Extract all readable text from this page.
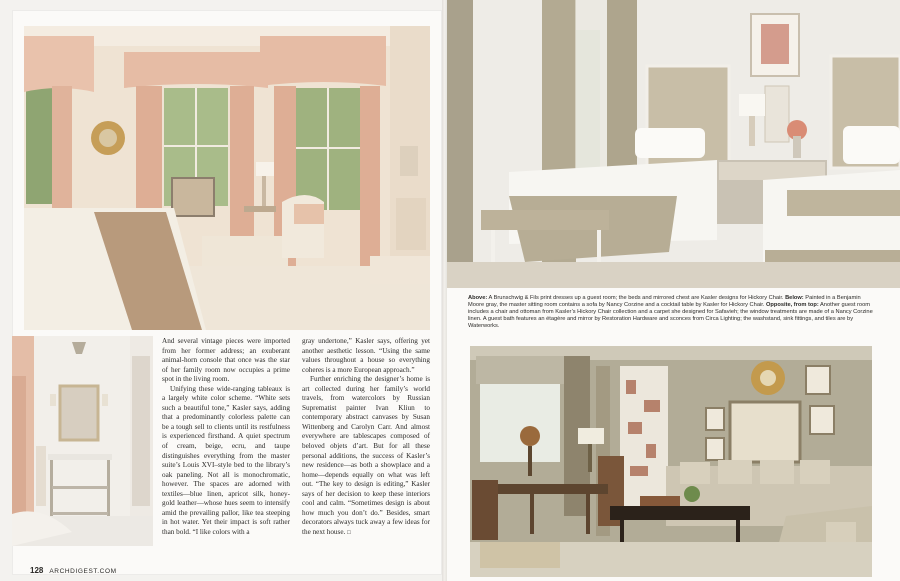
And several vintage pieces were imported from her former address; an exuberant animal-horn console that once was the star of her family room now occupies a prime spot in the living room.

Unifying these wide-ranging tableaux is a largely white color scheme. “White sets such a beautiful tone,” Kasler says, adding that a predominantly colorless palette can be a tough sell to clients until its restfulness is experienced firsthand. A quiet spectrum of cream, beige, ecru, and taupe distinguishes everything from the master suite’s Louis XVI–style bed to the library’s oak paneling. Not all is monochromatic, however. The spaces are adorned with textiles—blue linen, apricot silk, honey-gold leather—whose hues seem to intensify amid the prevailing pallor, like tea steeping in hot water. Yet their impact is soft rather than bold. “I like colors with a

gray undertone,” Kasler says, offering yet another aesthetic lesson. “Using the same values throughout a house so everything coheres is a more European approach.”

Further enriching the designer’s home is art collected during her family’s world travels, from watercolors by Russian Suprematist painter Ivan Kliun to contemporary abstract canvases by Susan Wittenberg and Carolyn Carr. And almost everywhere are tablescapes composed of beloved objets d’art. But for all these personal additions, the success of Kasler’s new residence—as both a showplace and a home—depends equally on what was left out. “The key to design is editing,” Kasler says of her decision to keep these interiors cool and calm. “Sometimes design is about how much you don’t do.” Besides, smart decorators always tuck away a few ideas for the next house. □

Above: A Brunschwig & Fils print dresses up a guest room; the beds and mirrored chest are Kasler designs for Hickory Chair. Below: Painted in a Benjamin Moore gray, the master sitting room contains a sofa by Nancy Corzine and a cocktail table by Kasler for Hickory Chair. Opposite, from top: Another guest room includes a chair and ottoman from Kasler’s Hickory Chair collection and a carpet she designed for Safavieh; the window treatments are made of a Nancy Corzine linen. A guest bath features an étagère and mirror by Restoration Hardware and sconces from Circa Lighting; the washstand, sink fittings, and tiles are by Waterworks.
128 ARCHDIGEST.COM
